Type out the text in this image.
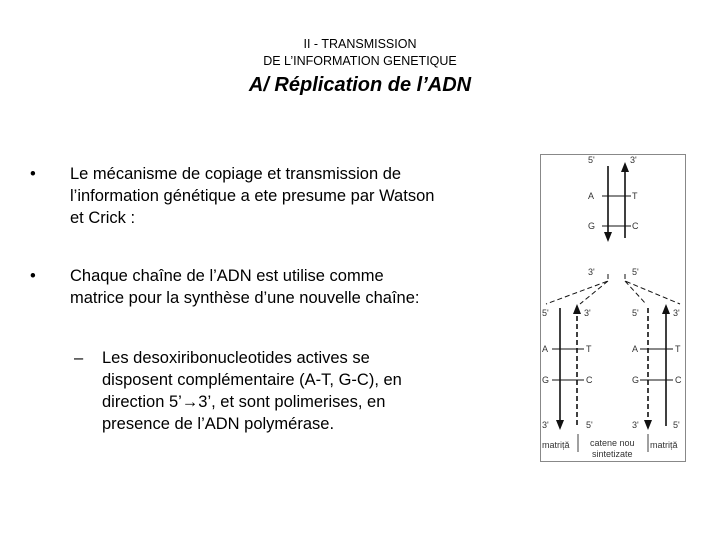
II - TRANSMISSION
DE L’INFORMATION GENETIQUE
A/ Réplication de l’ADN
• Le mécanisme de copiage et transmission de
l’information génétique a ete presume par Watson
et Crick :
• Chaque chaîne de l’ADN est utilise comme
matrice pour la synthèse d’une nouvelle chaîne:
– Les desoxiribonucleotides actives se
disposent complémentaire (A-T, G-C), en
direction 5’→3’, et sont polimerises, en
presence de l’ADN polymérase.
5'	3'
A	T
G	C
3'	5'
5'	3'
A	T
G	C
3'	5'
5'	3'
A	T
G	C
3'	5'
matriță catene nou
sintetizate
matriță
